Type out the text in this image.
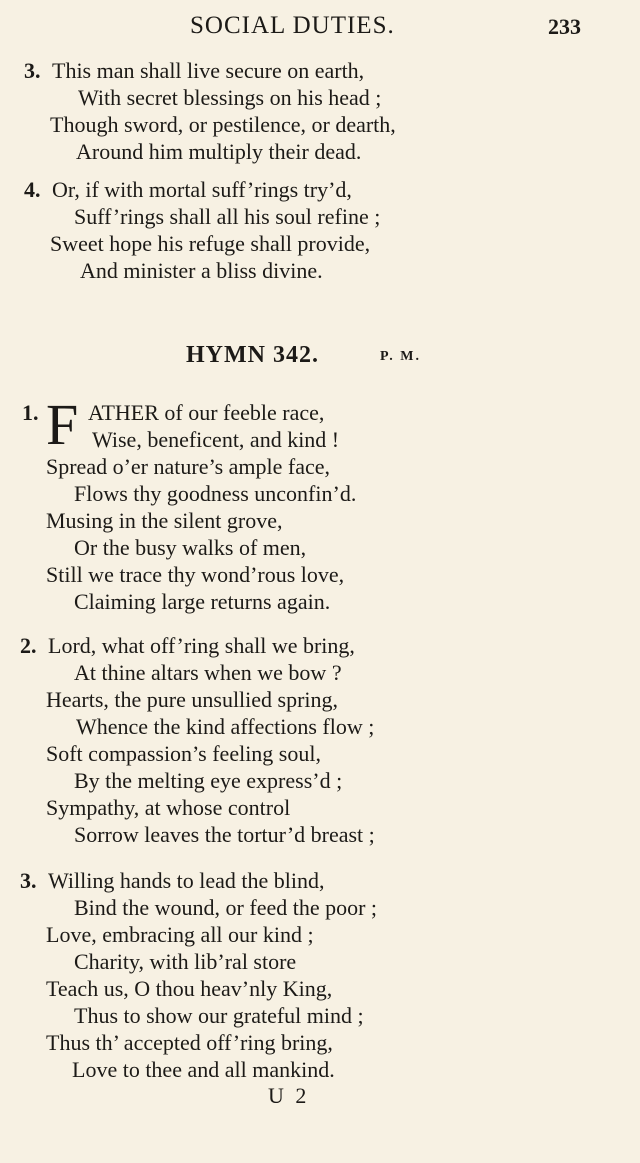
SOCIAL DUTIES.	233
3. This man shall live secure on earth,
With secret blessings on his head ;
Though sword, or pestilence, or dearth,
Around him multiply their dead.
4. Or, if with mortal suff’rings try’d,
Suff’rings shall all his soul refine ;
Sweet hope his refuge shall provide,
And minister a bliss divine.
HYMN 342.	P. M.
1. F ATHER of our feeble race,
Wise, beneficent, and kind !
Spread o’er nature’s ample face,
Flows thy goodness unconfin’d.
Musing in the silent grove,
Or the busy walks of men,
Still we trace thy wond’rous love,
Claiming large returns again.
2. Lord, what off’ring shall we bring,
At thine altars when we bow ?
Hearts, the pure unsullied spring,
Whence the kind affections flow ;
Soft compassion’s feeling soul,
By the melting eye express’d ;
Sympathy, at whose control
Sorrow leaves the tortur’d breast ;
3. Willing hands to lead the blind,
Bind the wound, or feed the poor ;
Love, embracing all our kind ;
Charity, with lib’ral store
Teach us, O thou heav’nly King,
Thus to show our grateful mind ;
Thus th’ accepted off’ring bring,
Love to thee and all mankind.
U 2
